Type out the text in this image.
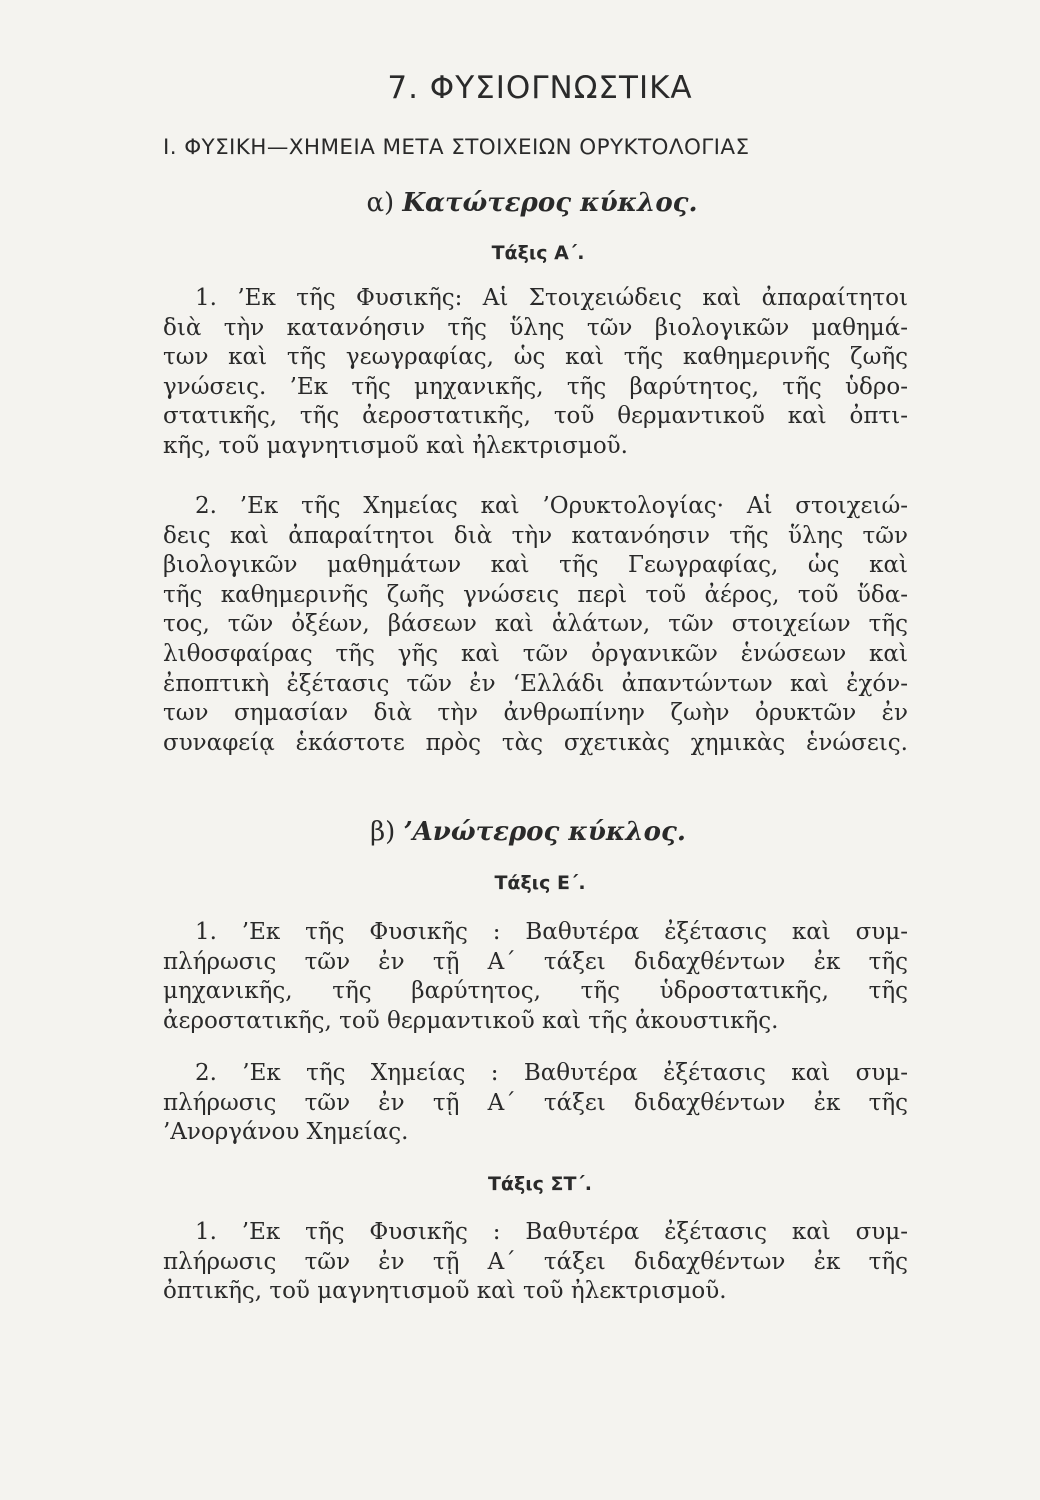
7. ΦΥΣΙΟΓΝΩΣΤΙΚΑ
I. ΦΥΣΙΚΗ—ΧΗΜΕΙΑ ΜΕΤΑ ΣΤΟΙΧΕΙΩΝ ΟΡΥΚΤΟΛΟΓΙΑΣ
α) Κατώτερος κύκλος.
Τάξις Α΄.
1. ’Εκ τῆς Φυσικῆς: Αἱ Στοιχειώδεις καὶ ἀπαραίτητοι
διὰ τὴν κατανόησιν τῆς ὕλης τῶν βιολογικῶν μαθημά-
των καὶ τῆς γεωγραφίας, ὡς καὶ τῆς καθημερινῆς ζωῆς
γνώσεις. ’Εκ τῆς μηχανικῆς, τῆς βαρύτητος, τῆς ὑδρο-
στατικῆς, τῆς ἀεροστατικῆς, τοῦ θερμαντικοῦ καὶ ὀπτι-
κῆς, τοῦ μαγνητισμοῦ καὶ ἠλεκτρισμοῦ.
2. ’Εκ τῆς Χημείας καὶ ’Ορυκτολογίας· Αἱ στοιχειώ-
δεις καὶ ἀπαραίτητοι διὰ τὴν κατανόησιν τῆς ὕλης τῶν
βιολογικῶν μαθημάτων καὶ τῆς Γεωγραφίας, ὡς καὶ
τῆς καθημερινῆς ζωῆς γνώσεις περὶ τοῦ ἀέρος, τοῦ ὕδα-
τος, τῶν ὀξέων, βάσεων καὶ ἁλάτων, τῶν στοιχείων τῆς
λιθοσφαίρας τῆς γῆς καὶ τῶν ὀργανικῶν ἑνώσεων καὶ
ἐποπτικὴ ἐξέτασις τῶν ἐν ‘Ελλάδι ἀπαντώντων καὶ ἐχόν-
των σημασίαν διὰ τὴν ἀνθρωπίνην ζωὴν ὀρυκτῶν ἐν
συναφείᾳ ἑκάστοτε πρὸς τὰς σχετικὰς χημικὰς ἑνώσεις.
β) ’Ανώτερος κύκλος.
Τάξις Ε΄.
1. ’Εκ τῆς Φυσικῆς : Βαθυτέρα ἐξέτασις καὶ συμ-
πλήρωσις τῶν ἐν τῇ Α΄ τάξει διδαχθέντων ἐκ τῆς
μηχανικῆς, τῆς βαρύτητος, τῆς ὑδροστατικῆς, τῆς
ἀεροστατικῆς, τοῦ θερμαντικοῦ καὶ τῆς ἀκουστικῆς.
2. ’Εκ τῆς Χημείας : Βαθυτέρα ἐξέτασις καὶ συμ-
πλήρωσις τῶν ἐν τῇ Α΄ τάξει διδαχθέντων ἐκ τῆς
’Ανοργάνου Χημείας.
Τάξις ΣΤ΄.
1. ’Εκ τῆς Φυσικῆς : Βαθυτέρα ἐξέτασις καὶ συμ-
πλήρωσις τῶν ἐν τῇ Α΄ τάξει διδαχθέντων ἐκ τῆς
ὀπτικῆς, τοῦ μαγνητισμοῦ καὶ τοῦ ἠλεκτρισμοῦ.
